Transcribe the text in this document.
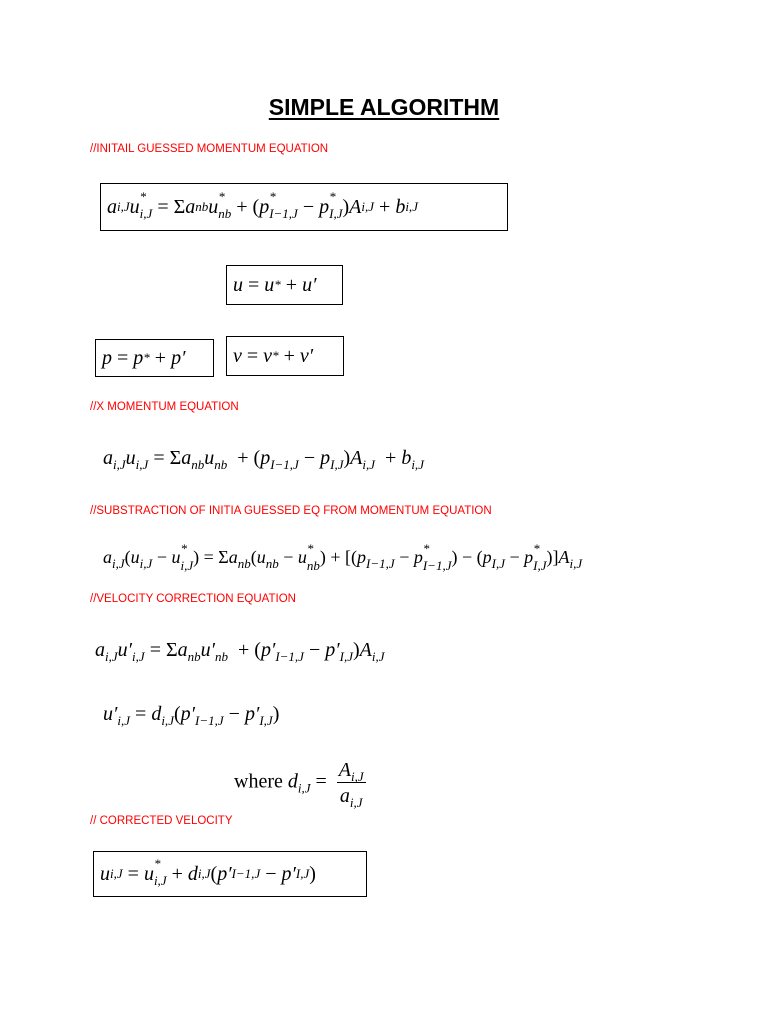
SIMPLE ALGORITHM
//INITAIL GUESSED MOMENTUM EQUATION
a i,J u *
i,J = Σ a nb u *
nb + ( p *
I−1,J − p *
I,J ) A i,J + b i,J
u = u * + u′
p = p * + p′	v = v * + v′
//X MOMENTUM EQUATION
$a_{i,J}u_{i,J} = \Sigma a_{nb}u_{nb} + (p_{I-1,J} - p_{I,J})A_{i,J} + b_{i,J}$
//SUBSTRACTION OF INITIA GUESSED EQ FROM MOMENTUM EQUATION
$a_{i,J}(u_{i,J} - u$ *
i,J ) = $\Sigma a_{nb}(u_{nb} - u$ *
nb ) + [($p_{I-1,J} - p$ *
I−1,J ) − ($p_{I,J} - p$ *
I,J )]$A_{i,J}$
//VELOCITY CORRECTION EQUATION
$a_{i,J}u'_{i,J} = \Sigma a_{nb}u'_{nb} + (p'_{I-1,J} - p'_{I,J})A_{i,J}$
$u'_{i,J} = d_{i,J}(p'_{I-1,J} - p'_{I,J})$
where $d_{i,J} = \frac{A_{i,J}}{a_{i,J}}$
// CORRECTED VELOCITY
u i,J = u *
i,J + d i,J ( p′ I−1,J − p′ I,J )
